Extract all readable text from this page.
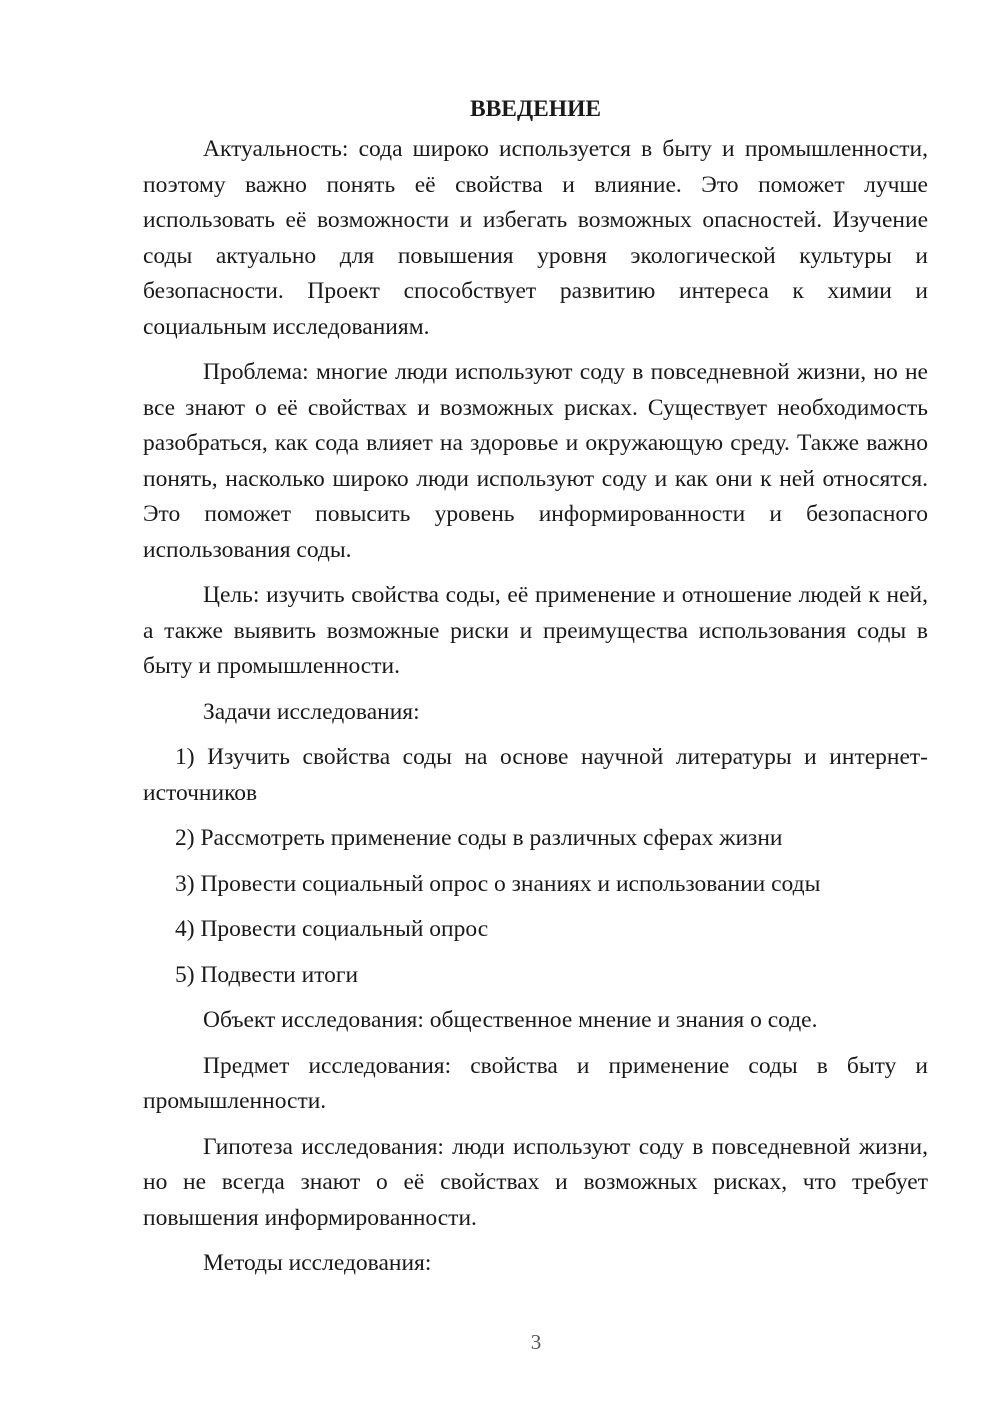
ВВЕДЕНИЕ

Актуальность: сода широко используется в быту и промышленности, поэтому важно понять её свойства и влияние. Это поможет лучше использовать её возможности и избегать возможных опасностей. Изучение соды актуально для повышения уровня экологической культуры и безопасности. Проект способствует развитию интереса к химии и социальным исследованиям.

Проблема: многие люди используют соду в повседневной жизни, но не все знают о её свойствах и возможных рисках. Существует необходимость разобраться, как сода влияет на здоровье и окружающую среду. Также важно понять, насколько широко люди используют соду и как они к ней относятся. Это поможет повысить уровень информированности и безопасного использования соды.

Цель: изучить свойства соды, её применение и отношение людей к ней, а также выявить возможные риски и преимущества использования соды в быту и промышленности.

Задачи исследования:

1) Изучить свойства соды на основе научной литературы и интернет-источников

2) Рассмотреть применение соды в различных сферах жизни

3) Провести социальный опрос о знаниях и использовании соды

4) Провести социальный опрос

5) Подвести итоги

Объект исследования: общественное мнение и знания о соде.

Предмет исследования: свойства и применение соды в быту и промышленности.

Гипотеза исследования: люди используют соду в повседневной жизни, но не всегда знают о её свойствах и возможных рисках, что требует повышения информированности.

Методы исследования:

3
